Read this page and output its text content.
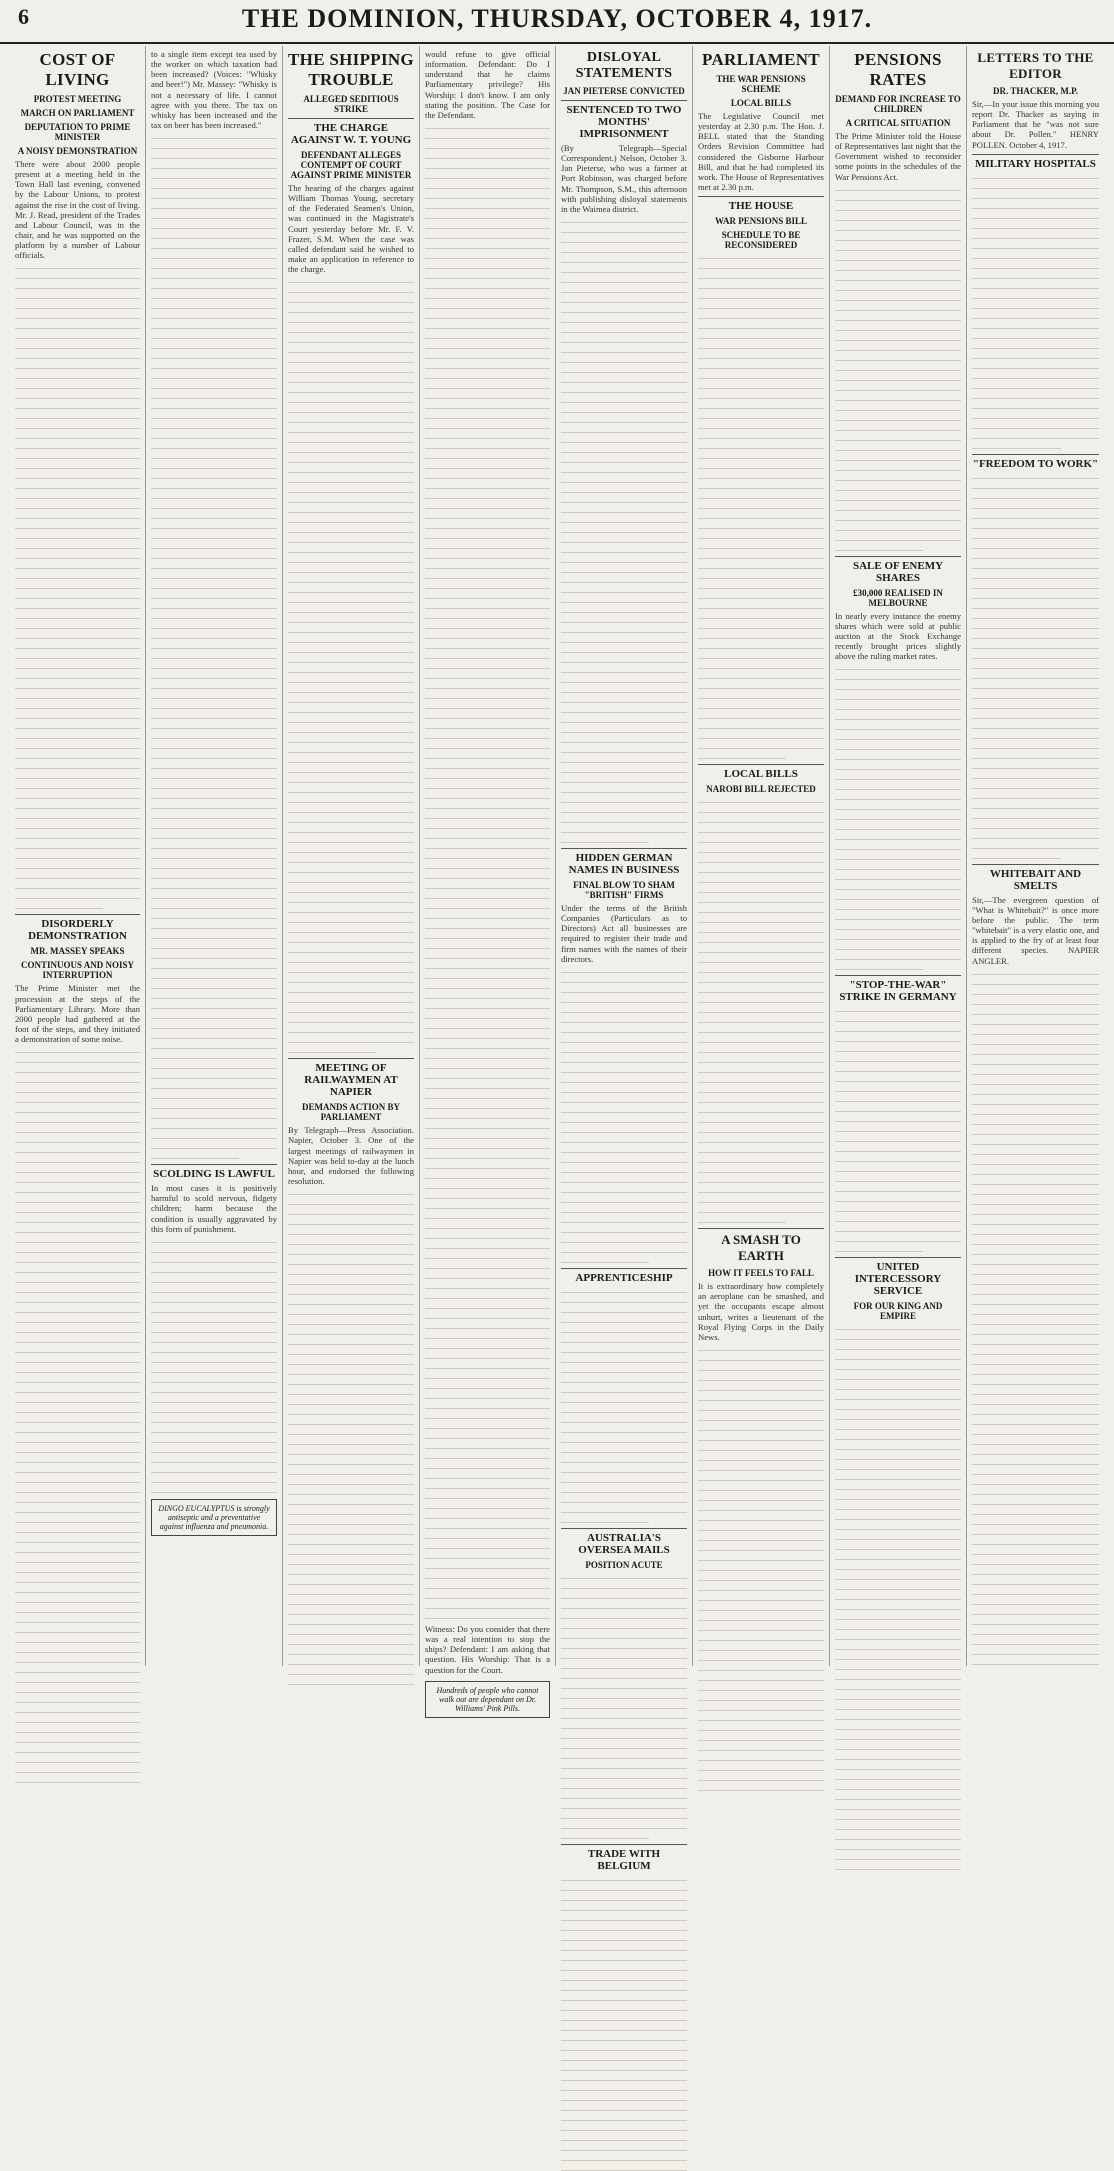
6	THE DOMINION, THURSDAY, OCTOBER 4, 1917.
COST OF LIVING
PROTEST MEETING
MARCH ON PARLIAMENT
DEPUTATION TO PRIME MINISTER
A NOISY DEMONSTRATION
There were about 2000 people present at a meeting held in the Town Hall last evening, convened by the Labour Unions, to protest against the rise in the cost of living. Mr. J. Read, president of the Trades and Labour Council, was in the chair, and he was supported on the platform by a number of Labour officials.
DISORDERLY DEMONSTRATION
MR. MASSEY SPEAKS
CONTINUOUS AND NOISY INTERRUPTION
The Prime Minister met the procession at the steps of the Parliamentary Library. More than 2000 people had gathered at the foot of the steps, and they initiated a demonstration of some noise.
to a single item except tea used by the worker on which taxation had been increased? (Voices: "Whisky and beer!") Mr. Massey: "Whisky is not a necessary of life. I cannot agree with you there. The tax on whisky has been increased and the tax on beer has been increased."
SCOLDING IS LAWFUL
In most cases it is positively harmful to scold nervous, fidgety children; harm because the condition is usually aggravated by this form of punishment.
DINGO EUCALYPTUS is strongly antiseptic and a preventative against influenza and pneumonia.
THE SHIPPING TROUBLE
ALLEGED SEDITIOUS STRIKE
THE CHARGE AGAINST W. T. YOUNG
DEFENDANT ALLEGES CONTEMPT OF COURT AGAINST PRIME MINISTER
The hearing of the charges against William Thomas Young, secretary of the Federated Seamen's Union, was continued in the Magistrate's Court yesterday before Mr. F. V. Frazer, S.M. When the case was called defendant said he wished to make an application in reference to the charge.
MEETING OF RAILWAYMEN AT NAPIER
DEMANDS ACTION BY PARLIAMENT
By Telegraph—Press Association. Napier, October 3. One of the largest meetings of railwaymen in Napier was held to-day at the lunch hour, and endorsed the following resolution.
would refuse to give official information. Defendant: Do I understand that he claims Parliamentary privilege? His Worship: I don't know. I am only stating the position. The Case for the Defendant.
Witness: Do you consider that there was a real intention to stop the ships? Defendant: I am asking that question. His Worship: That is a question for the Court.
Hundreds of people who cannot walk out are dependant on Dr. Williams' Pink Pills.
DISLOYAL STATEMENTS
JAN PIETERSE CONVICTED
SENTENCED TO TWO MONTHS' IMPRISONMENT
(By Telegraph—Special Correspondent.) Nelson, October 3. Jan Pieterse, who was a farmer at Port Robinson, was charged before Mr. Thompson, S.M., this afternoon with publishing disloyal statements in the Waimea district.
HIDDEN GERMAN NAMES IN BUSINESS
FINAL BLOW TO SHAM "BRITISH" FIRMS
Under the terms of the British Companies (Particulars as to Directors) Act all businesses are required to register their trade and firm names with the names of their directors.
APPRENTICESHIP
AUSTRALIA'S OVERSEA MAILS
POSITION ACUTE
TRADE WITH BELGIUM
PARLIAMENT
THE WAR PENSIONS SCHEME
LOCAL BILLS
The Legislative Council met yesterday at 2.30 p.m. The Hon. J. BELL stated that the Standing Orders Revision Committee had considered the Gisborne Harbour Bill, and that he had completed its work. The House of Representatives met at 2.30 p.m.
THE HOUSE
WAR PENSIONS BILL
SCHEDULE TO BE RECONSIDERED
LOCAL BILLS
NAROBI BILL REJECTED
A SMASH TO EARTH
HOW IT FEELS TO FALL
It is extraordinary how completely an aeroplane can be smashed, and yet the occupants escape almost unhurt, writes a lieutenant of the Royal Flying Corps in the Daily News.
PENSIONS RATES
DEMAND FOR INCREASE TO CHILDREN
A CRITICAL SITUATION
The Prime Minister told the House of Representatives last night that the Government wished to reconsider some points in the schedules of the War Pensions Act.
SALE OF ENEMY SHARES
£30,000 REALISED IN MELBOURNE
In nearly every instance the enemy shares which were sold at public auction at the Stock Exchange recently brought prices slightly above the ruling market rates.
"STOP-THE-WAR" STRIKE IN GERMANY
UNITED INTERCESSORY SERVICE
FOR OUR KING AND EMPIRE
LETTERS TO THE EDITOR
DR. THACKER, M.P.
Sir,—In your issue this morning you report Dr. Thacker as saying in Parliament that he "was not sure about Dr. Pollen." HENRY POLLEN. October 4, 1917.
MILITARY HOSPITALS
"FREEDOM TO WORK"
WHITEBAIT AND SMELTS
Sir,—The evergreen question of "What is Whitebait?" is once more before the public. The term "whitebait" is a very elastic one, and is applied to the fry of at least four different species. NAPIER ANGLER.
